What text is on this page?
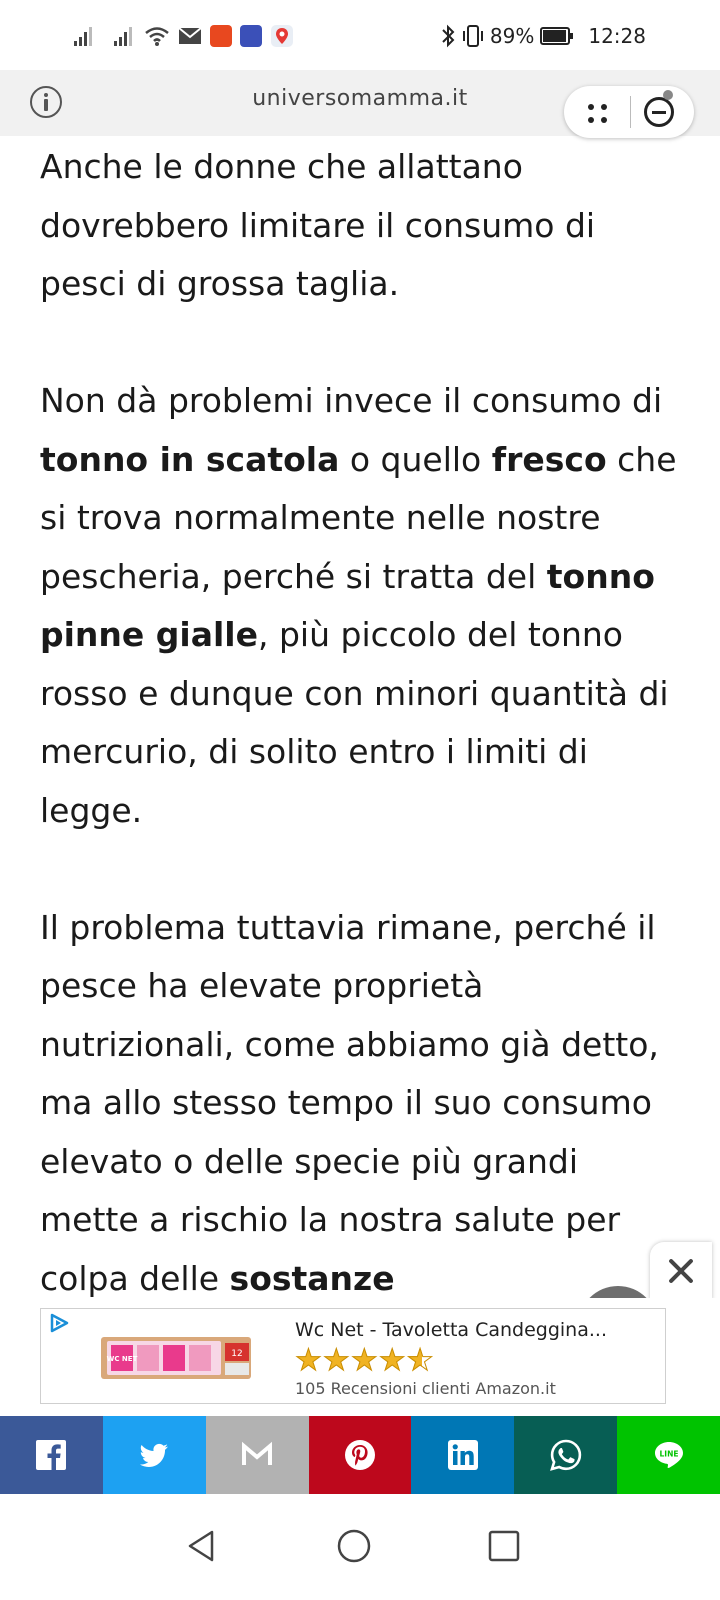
89%	12:28
universomamma.it

Anche le donne che allattano dovrebbero limitare il consumo di pesci di grossa taglia.

Non dà problemi invece il consumo di tonno in scatola o quello fresco che si trova normalmente nelle nostre pescheria, perché si tratta del tonno pinne gialle, più piccolo del tonno rosso e dunque con minori quantità di mercurio, di solito entro i limiti di legge.

Il problema tuttavia rimane, perché il pesce ha elevate proprietà nutrizionali, come abbiamo già detto, ma allo stesso tempo il suo consumo elevato o delle specie più grandi mette a rischio la nostra salute per colpa delle sostanze

12
WC NET
Wc Net - Tavoletta Candeggina...
★ ★ ★ ★ ★
105 Recensioni clienti Amazon.it
LINE
